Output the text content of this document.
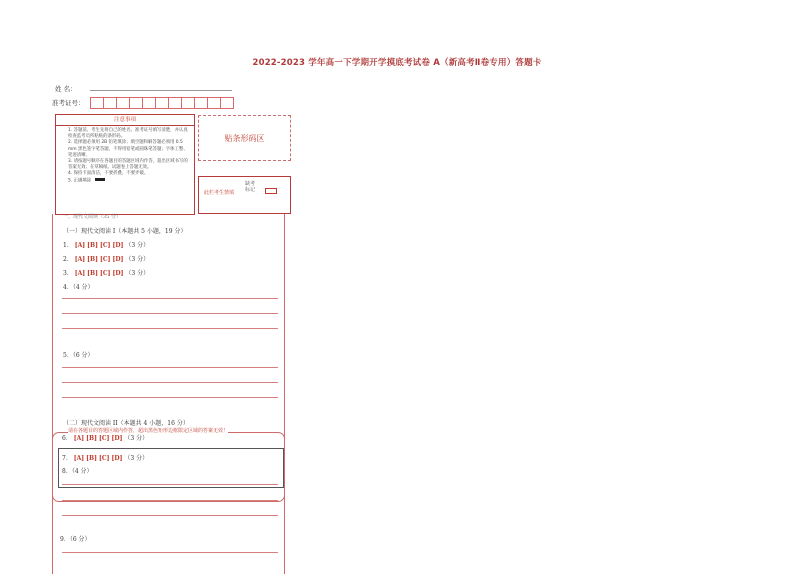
2022-2023 学年高一下学期开学摸底考试卷 A（新高考Ⅱ卷专用）答题卡
姓 名：
准考证号：
注意事项
1. 答题前，考生先将自己的姓名、准考证号填写清楚，并认真检查监考员所粘贴的条形码。
2. 选择题必须用 2B 铅笔填涂；填空题和解答题必须用 0.5 mm 黑色签字笔答题，不得用铅笔或圆珠笔答题；字体工整、笔迹清晰。
3. 请按题号顺序在各题目的答题区域内作答，超出区域书写的答案无效；在草稿纸、试题卷上答题无效。
4. 保持卡面清洁，不要折叠，不要弄破。
5. 正确填涂
贴条形码区
此栏考生禁填
缺考标记
一、现代文阅读（35 分）
（一）现代文阅读 I（本题共 5 小题，19 分）
1． [A] [B] [C] [D] （3 分）
2． [A] [B] [C] [D] （3 分）
3． [A] [B] [C] [D] （3 分）
4．（4 分）
5．（6 分）
（二）现代文阅读 II（本题共 4 小题，16 分）
6． [A] [B] [C] [D] （3 分）
请在各题目的答题区域内作答，超出黑色矩形边框限定区域的答案无效！
7． [A] [B] [C] [D] （3 分）
8．（4 分）
9．（6 分）
